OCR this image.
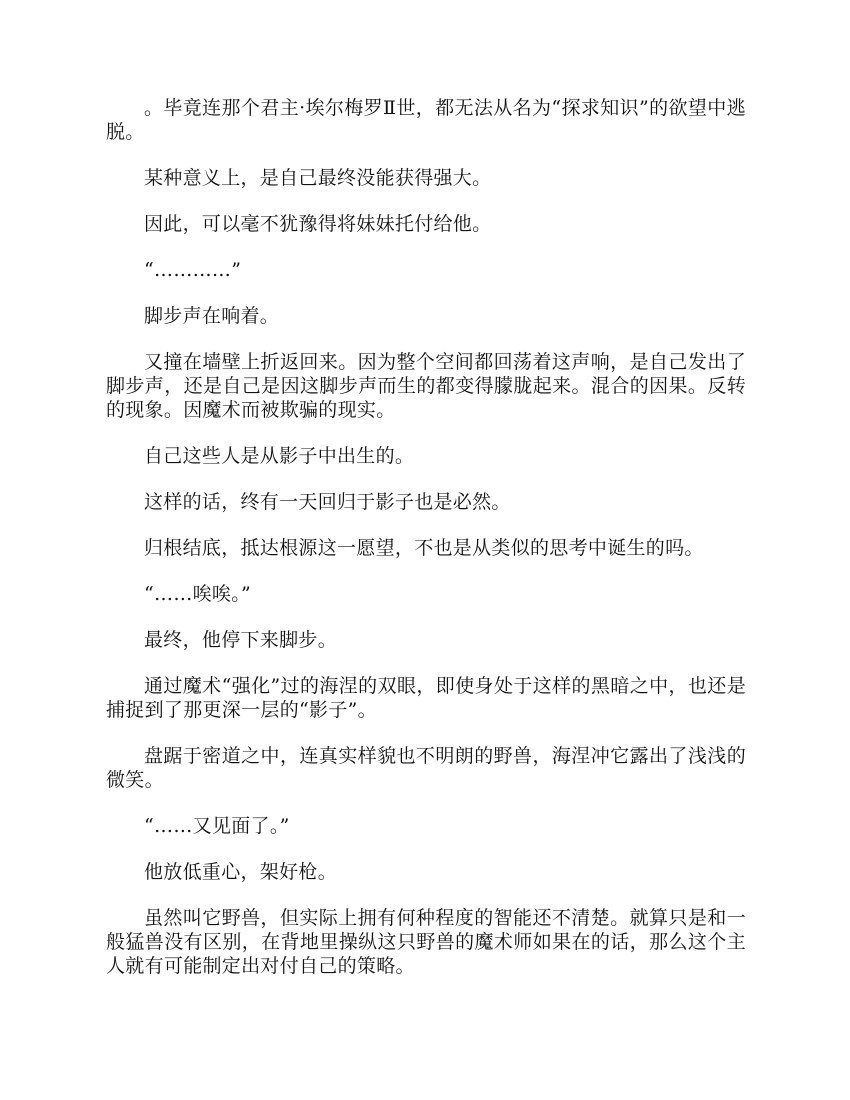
。毕竟连那个君主·埃尔梅罗Ⅱ世，都无法从名为“探求知识”的欲望中逃脱。

某种意义上，是自己最终没能获得强大。

因此，可以毫不犹豫得将妹妹托付给他。

“…………”

脚步声在响着。

又撞在墙壁上折返回来。因为整个空间都回荡着这声响，是自己发出了脚步声，还是自己是因这脚步声而生的都变得朦胧起来。混合的因果。反转的现象。因魔术而被欺骗的现实。

自己这些人是从影子中出生的。

这样的话，终有一天回归于影子也是必然。

归根结底，抵达根源这一愿望，不也是从类似的思考中诞生的吗。

“……唉唉。”

最终，他停下来脚步。

通过魔术“强化”过的海涅的双眼，即使身处于这样的黑暗之中，也还是捕捉到了那更深一层的“影子”。

盘踞于密道之中，连真实样貌也不明朗的野兽，海涅冲它露出了浅浅的微笑。

“……又见面了。”

他放低重心，架好枪。

虽然叫它野兽，但实际上拥有何种程度的智能还不清楚。就算只是和一般猛兽没有区别，在背地里操纵这只野兽的魔术师如果在的话，那么这个主人就有可能制定出对付自己的策略。
